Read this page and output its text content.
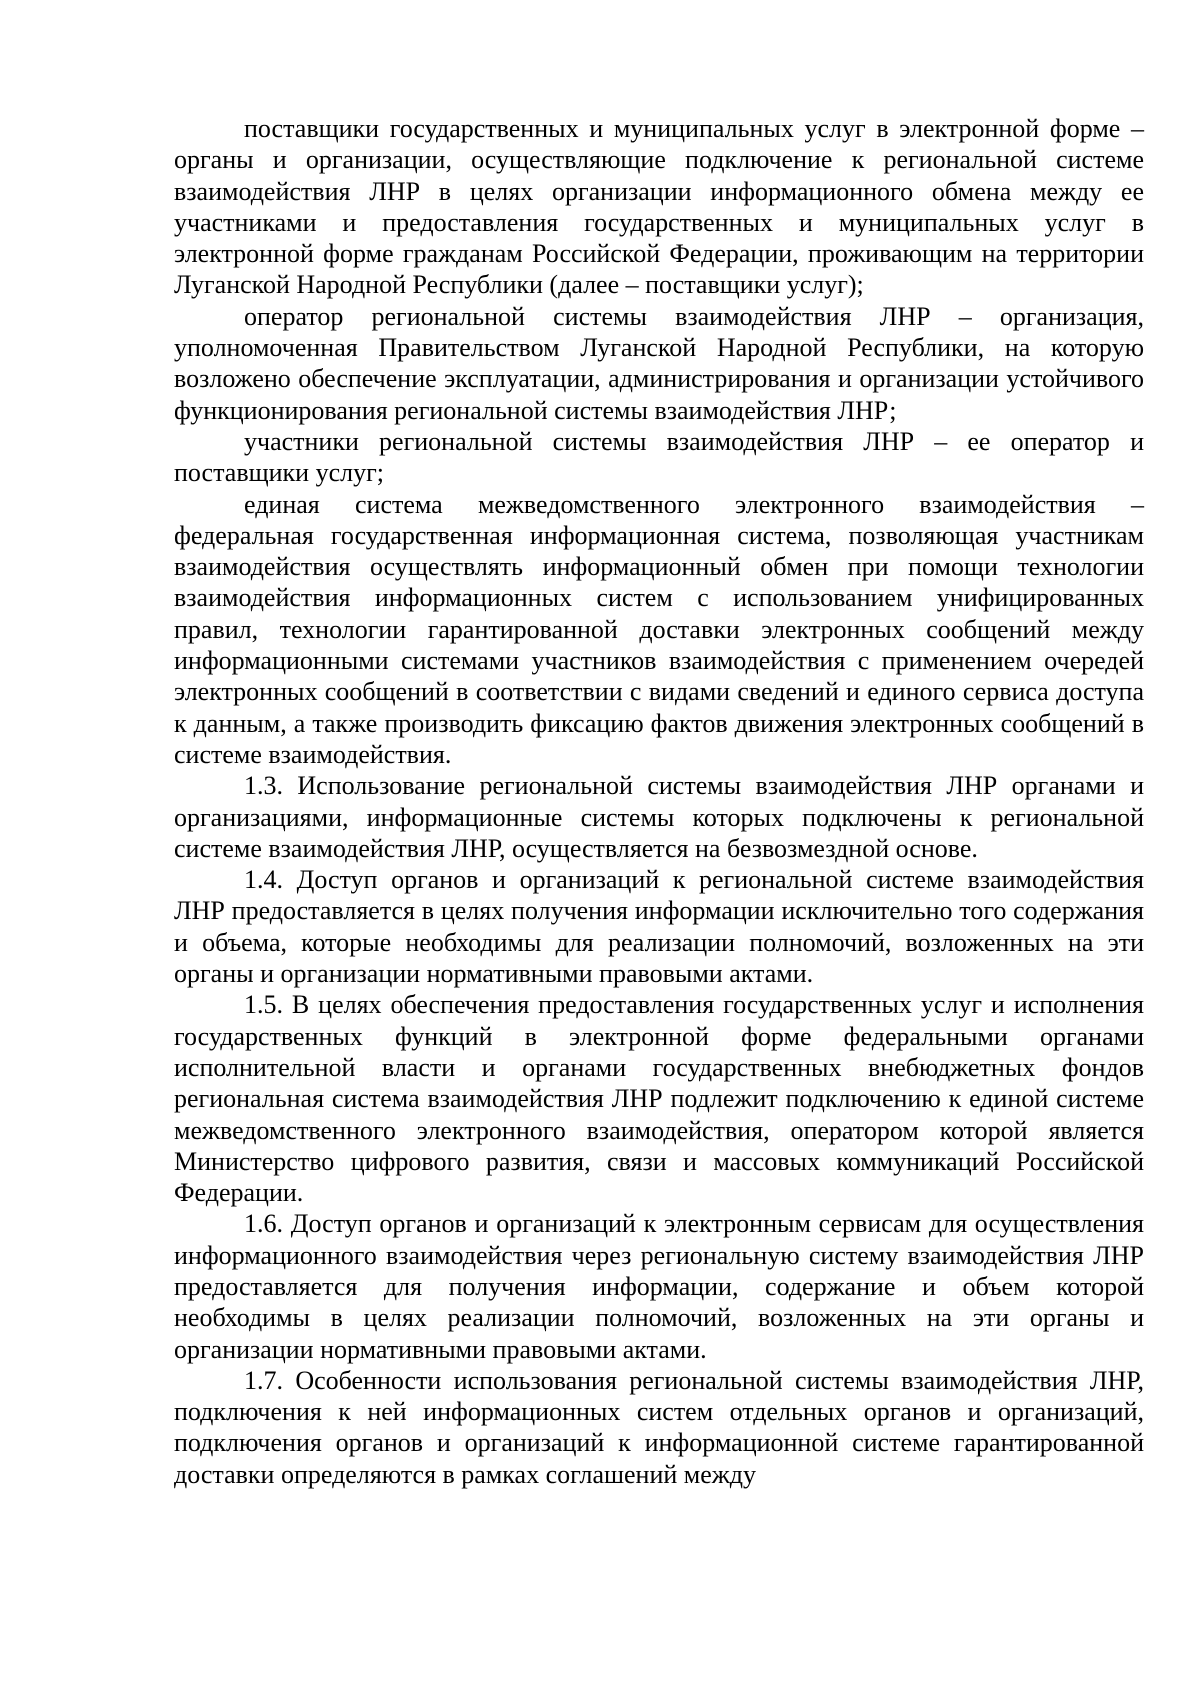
поставщики государственных и муниципальных услуг в электронной форме – органы и организации, осуществляющие подключение к региональной системе взаимодействия ЛНР в целях организации информационного обмена между ее участниками и предоставления государственных и муниципальных услуг в электронной форме гражданам Российской Федерации, проживающим на территории Луганской Народной Республики (далее – поставщики услуг);

оператор региональной системы взаимодействия ЛНР – организация, уполномоченная Правительством Луганской Народной Республики, на которую возложено обеспечение эксплуатации, администрирования и организации устойчивого функционирования региональной системы взаимодействия ЛНР;

участники региональной системы взаимодействия ЛНР – ее оператор и поставщики услуг;

единая система межведомственного электронного взаимодействия – федеральная государственная информационная система, позволяющая участникам взаимодействия осуществлять информационный обмен при помощи технологии взаимодействия информационных систем с использованием унифицированных правил, технологии гарантированной доставки электронных сообщений между информационными системами участников взаимодействия с применением очередей электронных сообщений в соответствии с видами сведений и единого сервиса доступа к данным, а также производить фиксацию фактов движения электронных сообщений в системе взаимодействия.

1.3. Использование региональной системы взаимодействия ЛНР органами и организациями, информационные системы которых подключены к региональной системе взаимодействия ЛНР, осуществляется на безвозмездной основе.

1.4. Доступ органов и организаций к региональной системе взаимодействия ЛНР предоставляется в целях получения информации исключительно того содержания и объема, которые необходимы для реализации полномочий, возложенных на эти органы и организации нормативными правовыми актами.

1.5. В целях обеспечения предоставления государственных услуг и исполнения государственных функций в электронной форме федеральными органами исполнительной власти и органами государственных внебюджетных фондов региональная система взаимодействия ЛНР подлежит подключению к единой системе межведомственного электронного взаимодействия, оператором которой является Министерство цифрового развития, связи и массовых коммуникаций Российской Федерации.

1.6. Доступ органов и организаций к электронным сервисам для осуществления информационного взаимодействия через региональную систему взаимодействия ЛНР предоставляется для получения информации, содержание и объем которой необходимы в целях реализации полномочий, возложенных на эти органы и организации нормативными правовыми актами.

1.7. Особенности использования региональной системы взаимодействия ЛНР, подключения к ней информационных систем отдельных органов и организаций, подключения органов и организаций к информационной системе гарантированной доставки определяются в рамках соглашений между
